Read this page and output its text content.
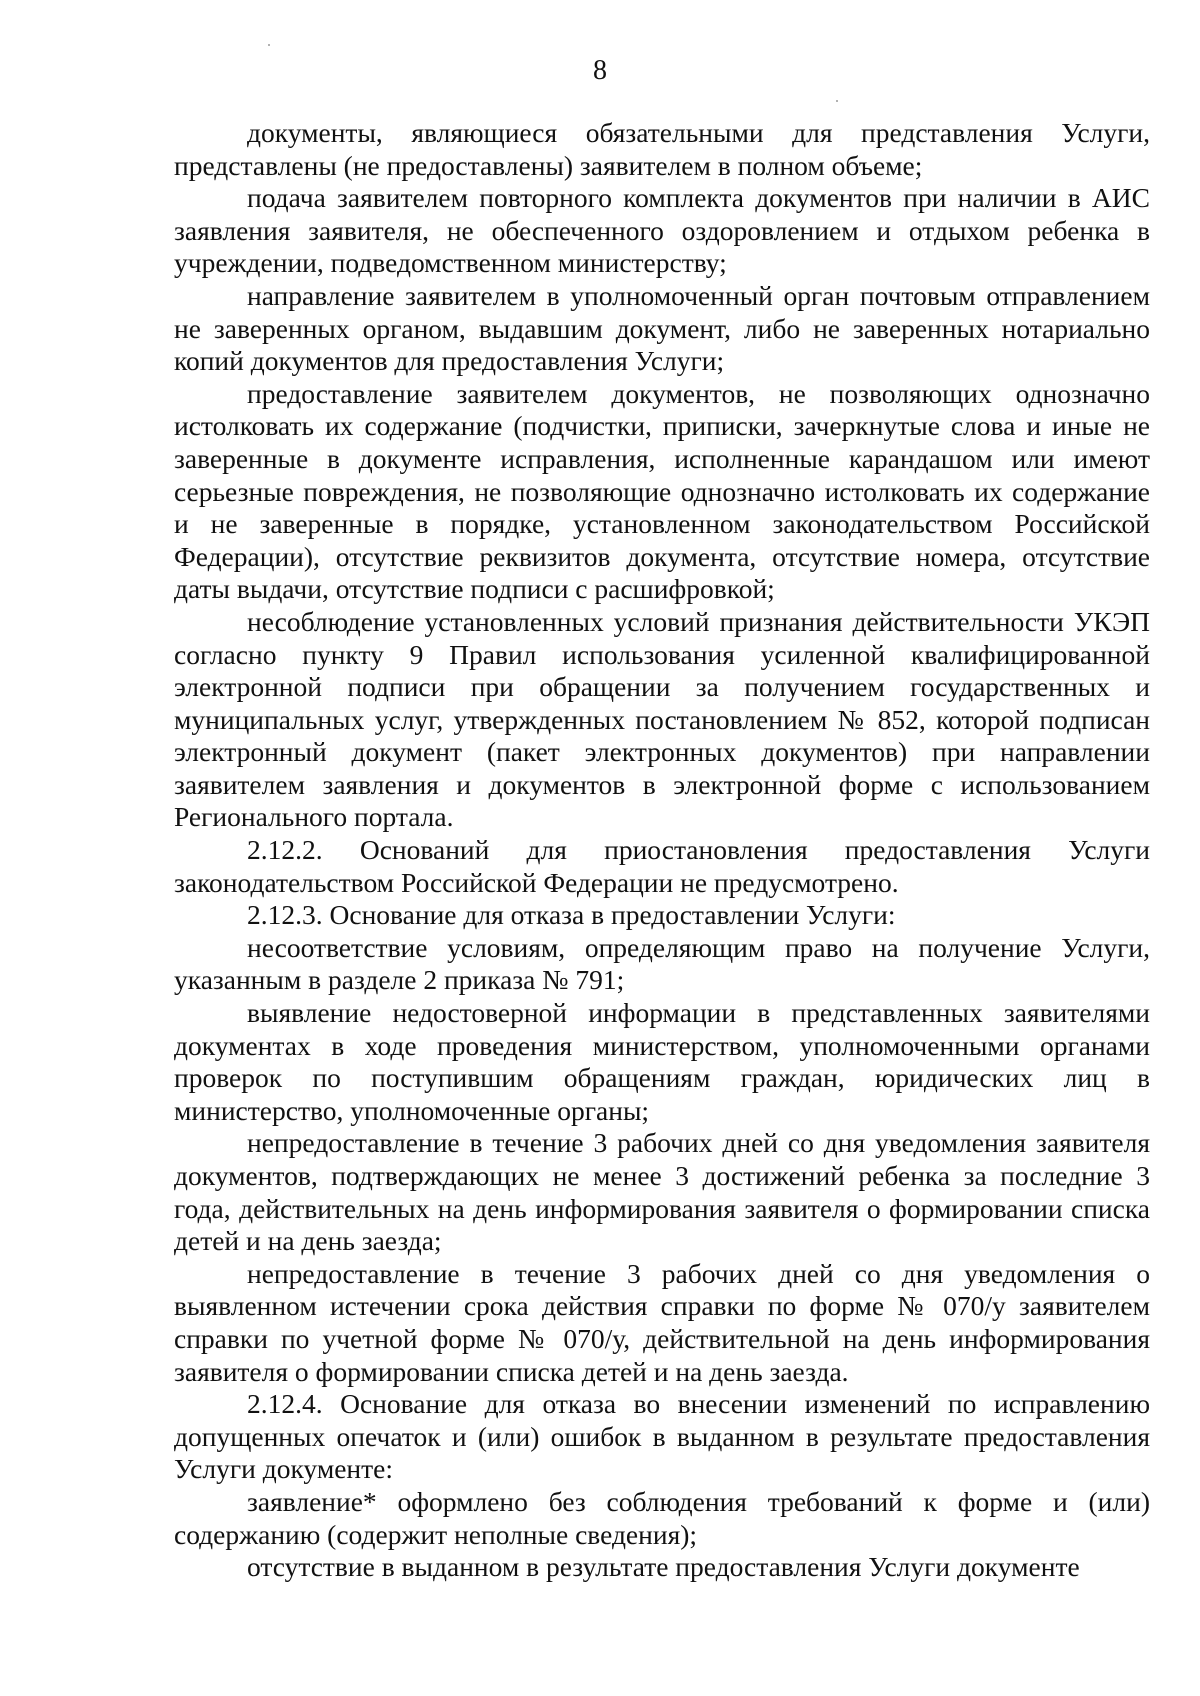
8

документы, являющиеся обязательными для представления Услуги, представлены (не предоставлены) заявителем в полном объеме;

подача заявителем повторного комплекта документов при наличии в АИС заявления заявителя, не обеспеченного оздоровлением и отдыхом ребенка в учреждении, подведомственном министерству;

направление заявителем в уполномоченный орган почтовым отправлением не заверенных органом, выдавшим документ, либо не заверенных нотариально копий документов для предоставления Услуги;

предоставление заявителем документов, не позволяющих однозначно истолковать их содержание (подчистки, приписки, зачеркнутые слова и иные не заверенные в документе исправления, исполненные карандашом или имеют серьезные повреждения, не позволяющие однозначно истолковать их содержание и не заверенные в порядке, установленном законодательством Российской Федерации), отсутствие реквизитов документа, отсутствие номера, отсутствие даты выдачи, отсутствие подписи с расшифровкой;

несоблюдение установленных условий признания действительности УКЭП согласно пункту 9 Правил использования усиленной квалифицированной электронной подписи при обращении за получением государственных и муниципальных услуг, утвержденных постановлением № 852, которой подписан электронный документ (пакет электронных документов) при направлении заявителем заявления и документов в электронной форме с использованием Регионального портала.

2.12.2. Оснований для приостановления предоставления Услуги законодательством Российской Федерации не предусмотрено.

2.12.3. Основание для отказа в предоставлении Услуги:

несоответствие условиям, определяющим право на получение Услуги, указанным в разделе 2 приказа № 791;

выявление недостоверной информации в представленных заявителями документах в ходе проведения министерством, уполномоченными органами проверок по поступившим обращениям граждан, юридических лиц в министерство, уполномоченные органы;

непредоставление в течение 3 рабочих дней со дня уведомления заявителя документов, подтверждающих не менее 3 достижений ребенка за последние 3 года, действительных на день информирования заявителя о формировании списка детей и на день заезда;

непредоставление в течение 3 рабочих дней со дня уведомления о выявленном истечении срока действия справки по форме № 070/у заявителем справки по учетной форме № 070/у, действительной на день информирования заявителя о формировании списка детей и на день заезда.

2.12.4. Основание для отказа во внесении изменений по исправлению допущенных опечаток и (или) ошибок в выданном в результате предоставления Услуги документе:

заявление* оформлено без соблюдения требований к форме и (или) содержанию (содержит неполные сведения);

отсутствие в выданном в результате предоставления Услуги документе
